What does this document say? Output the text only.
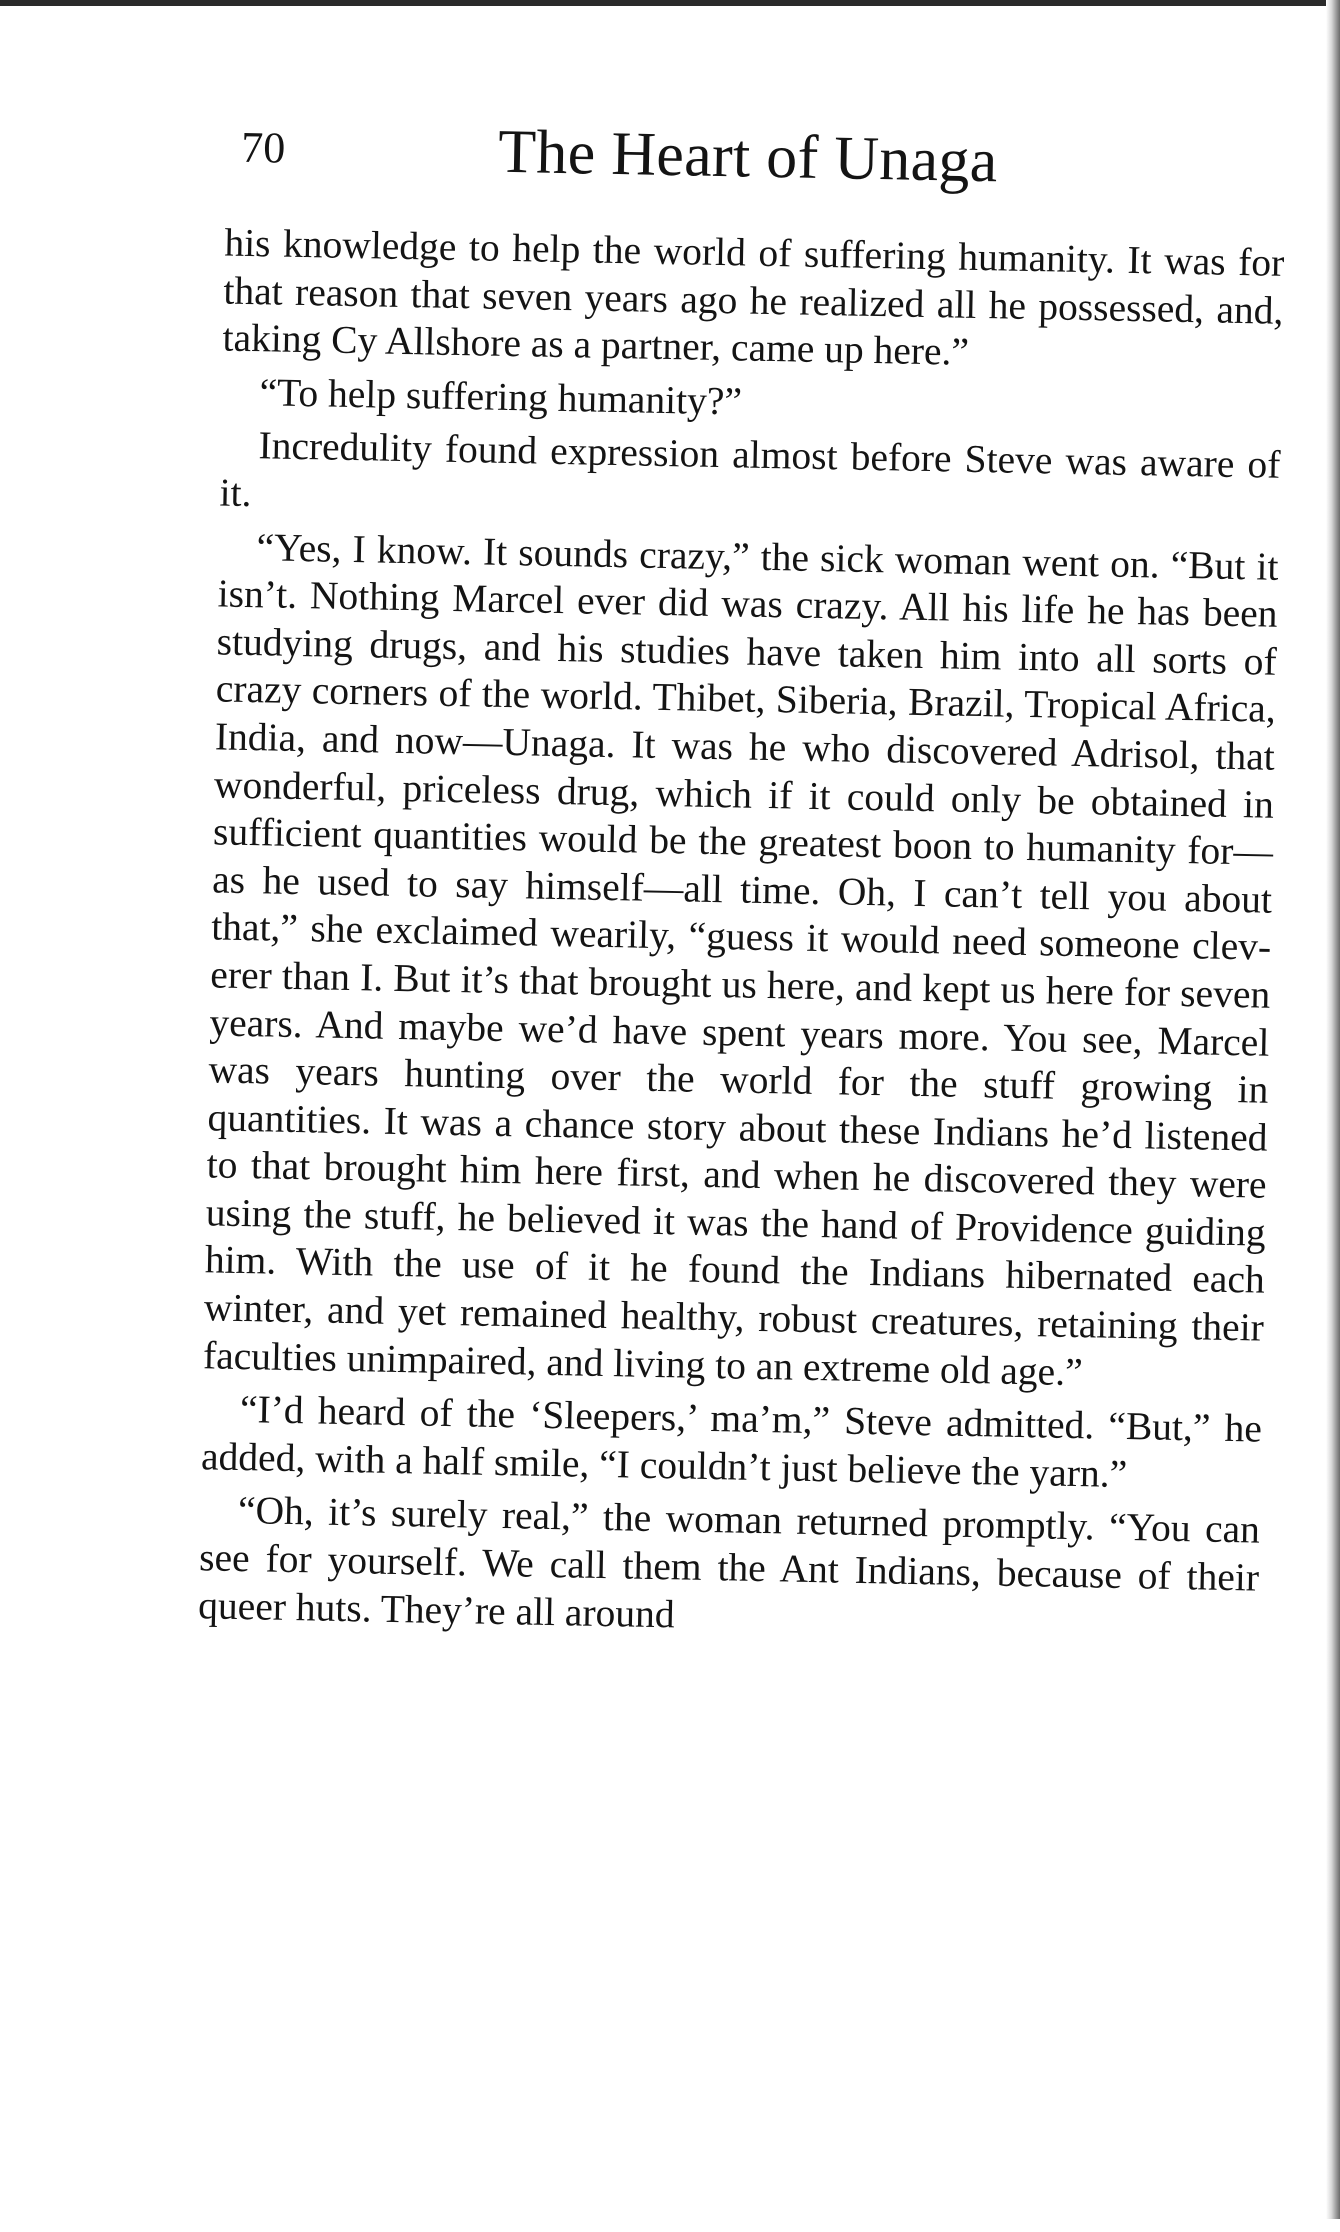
70	The Heart of Unaga

his knowledge to help the world of suffering humanity. It was for that reason that seven years ago he realized all he possessed, and, taking Cy Allshore as a partner, came up here.”

“To help suffering humanity?”

Incredulity found expression almost before Steve was aware of it.

“Yes, I know. It sounds crazy,” the sick woman went on. “But it isn’t. Nothing Marcel ever did was crazy. All his life he has been studying drugs, and his studies have taken him into all sorts of crazy corners of the world. Thibet, Siberia, Brazil, Tropical Africa, India, and now—Unaga. It was he who discovered Adrisol, that wonderful, priceless drug, which if it could only be obtained in sufficient quantities would be the greatest boon to humanity for—as he used to say himself—all time. Oh, I can’t tell you about that,” she exclaimed wearily, “guess it would need someone cleverer than I. But it’s that brought us here, and kept us here for seven years. And maybe we’d have spent years more. You see, Marcel was years hunting over the world for the stuff growing in quantities. It was a chance story about these Indians he’d listened to that brought him here first, and when he discovered they were using the stuff, he believed it was the hand of Providence guiding him. With the use of it he found the Indians hibernated each winter, and yet remained healthy, robust creatures, retaining their faculties unimpaired, and living to an extreme old age.”

“I’d heard of the ‘Sleepers,’ ma’m,” Steve admitted. “But,” he added, with a half smile, “I couldn’t just believe the yarn.”

“Oh, it’s surely real,” the woman returned promptly. “You can see for yourself. We call them the Ant Indians, because of their queer huts. They’re all around
